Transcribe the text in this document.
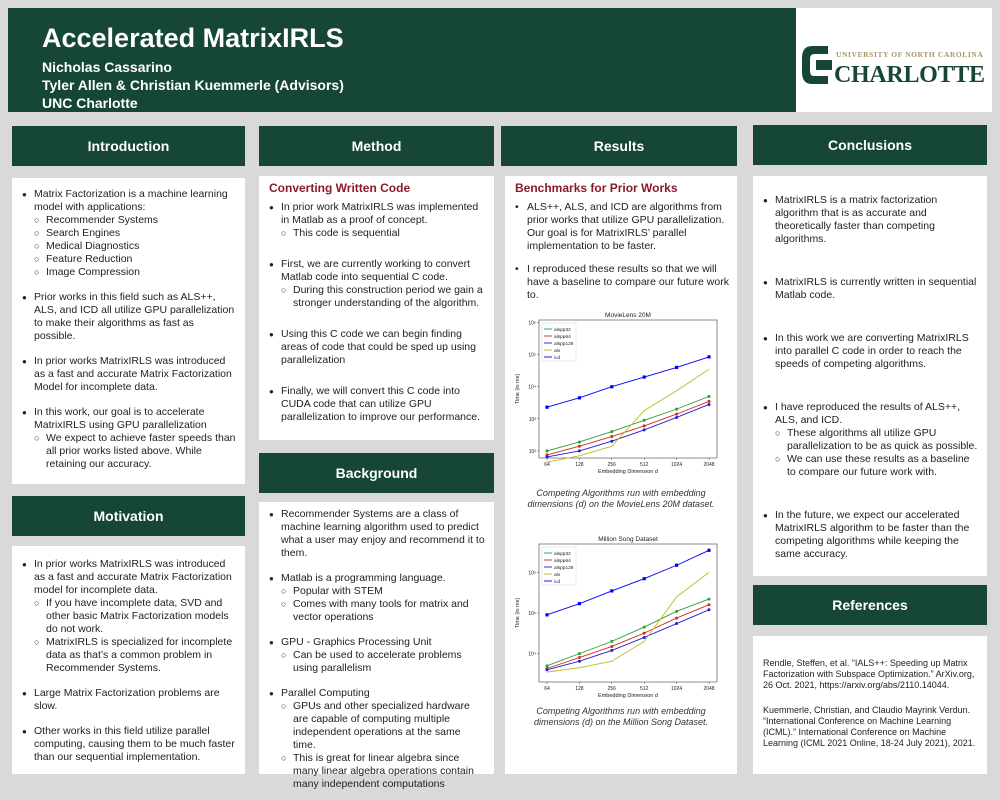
Accelerated MatrixIRLS
Nicholas Cassarino
Tyler Allen & Christian Kuemmerle (Advisors)
UNC Charlotte
UNIVERSITY OF NORTH CAROLINA
CHARLOTTE
Introduction
● Matrix Factorization is a machine learning model with applications:
○ Recommender Systems
○ Search Engines
○ Medical Diagnostics
○ Feature Reduction
○ Image Compression
● Prior works in this field such as ALS++, ALS, and ICD all utilize GPU parallelization to make their algorithms as fast as possible.
● In prior works MatrixIRLS was introduced as a fast and accurate Matrix Factorization Model for incomplete data.
● In this work, our goal is to accelerate MatrixIRLS using GPU parallelization
○ We expect to achieve faster speeds than all prior works listed above. While retaining our accuracy.
Motivation
● In prior works MatrixIRLS was introduced as a fast and accurate Matrix Factorization model for incomplete data.
○ If you have incomplete data, SVD and other basic Matrix Factorization models do not work.
○ MatrixIRLS is specialized for incomplete data as that’s a common problem in Recommender Systems.
● Large Matrix Factorization problems are slow.
● Other works in this field utilize parallel computing, causing them to be much faster than our sequential implementation.
Method
Converting Written Code
● In prior work MatrixIRLS was implemented in Matlab as a proof of concept.
○ This code is sequential
● First, we are currently working to convert Matlab code into sequential C code.
○ During this construction period we gain a stronger understanding of the algorithm.
● Using this C code we can begin finding areas of code that could be sped up using parallelization
● Finally, we will convert this C code into CUDA code that can utilize GPU parallelization to improve our performance.
Background
● Recommender Systems are a class of machine learning algorithm used to predict what a user may enjoy and recommend it to them.
● Matlab is a programming language.
○ Popular with STEM
○ Comes with many tools for matrix and vector operations
● GPU - Graphics Processing Unit
○ Can be used to accelerate problems using parallelism
● Parallel Computing
○ GPUs and other specialized hardware are capable of computing multiple independent operations at the same time.
○ This is great for linear algebra since many linear algebra operations contain many independent computations
Results
Benchmarks for Prior Works
• ALS++, ALS, and ICD are algorithms from prior works that utilize GPU parallelization. Our goal is for MatrixIRLS’ parallel implementation to be faster.
• I reproduced these results so that we will have a baseline to compare our future work to.
MovieLens 20M
10²
10³
10⁴
10⁵
10⁶
64	128	256	512	1024	2048
Embedding Dimension d
Time (in ms)
alspp32
alspp64
alspp128
als
icd
Competing Algorithms run with embedding dimensions (d) on the MovieLens 20M dataset.
Million Song Dataset
10⁴
10⁵
10⁶
64	128	256	512	1024	2048
Embedding Dimension d
Time (in ms)
alspp32
alspp64
alspp128
als
icd
Competing Algorithms run with embedding dimensions (d) on the Million Song Dataset.
Conclusions
● MatrixIRLS is a matrix factorization algorithm that is as accurate and theoretically faster than competing algorithms.
● MatrixIRLS is currently written in sequential Matlab code.
● In this work we are converting MatrixIRLS into parallel C code in order to reach the speeds of competing algorithms.
● I have reproduced the results of ALS++, ALS, and ICD.
○ These algorithms all utilize GPU parallelization to be as quick as possible.
○ We can use these results as a baseline to compare our future work with.
● In the future, we expect our accelerated MatrixIRLS algorithm to be faster than the competing algorithms while keeping the same accuracy.
References
Rendle, Steffen, et al. “IALS++: Speeding up Matrix Factorization with Subspace Optimization.” ArXiv.org, 26 Oct. 2021, https://arxiv.org/abs/2110.14044.
Kuemmerle, Christian, and Claudio Mayrink Verdun. “International Conference on Machine Learning (ICML).” International Conference on Machine Learning (ICML 2021 Online, 18-24 July 2021), 2021.
